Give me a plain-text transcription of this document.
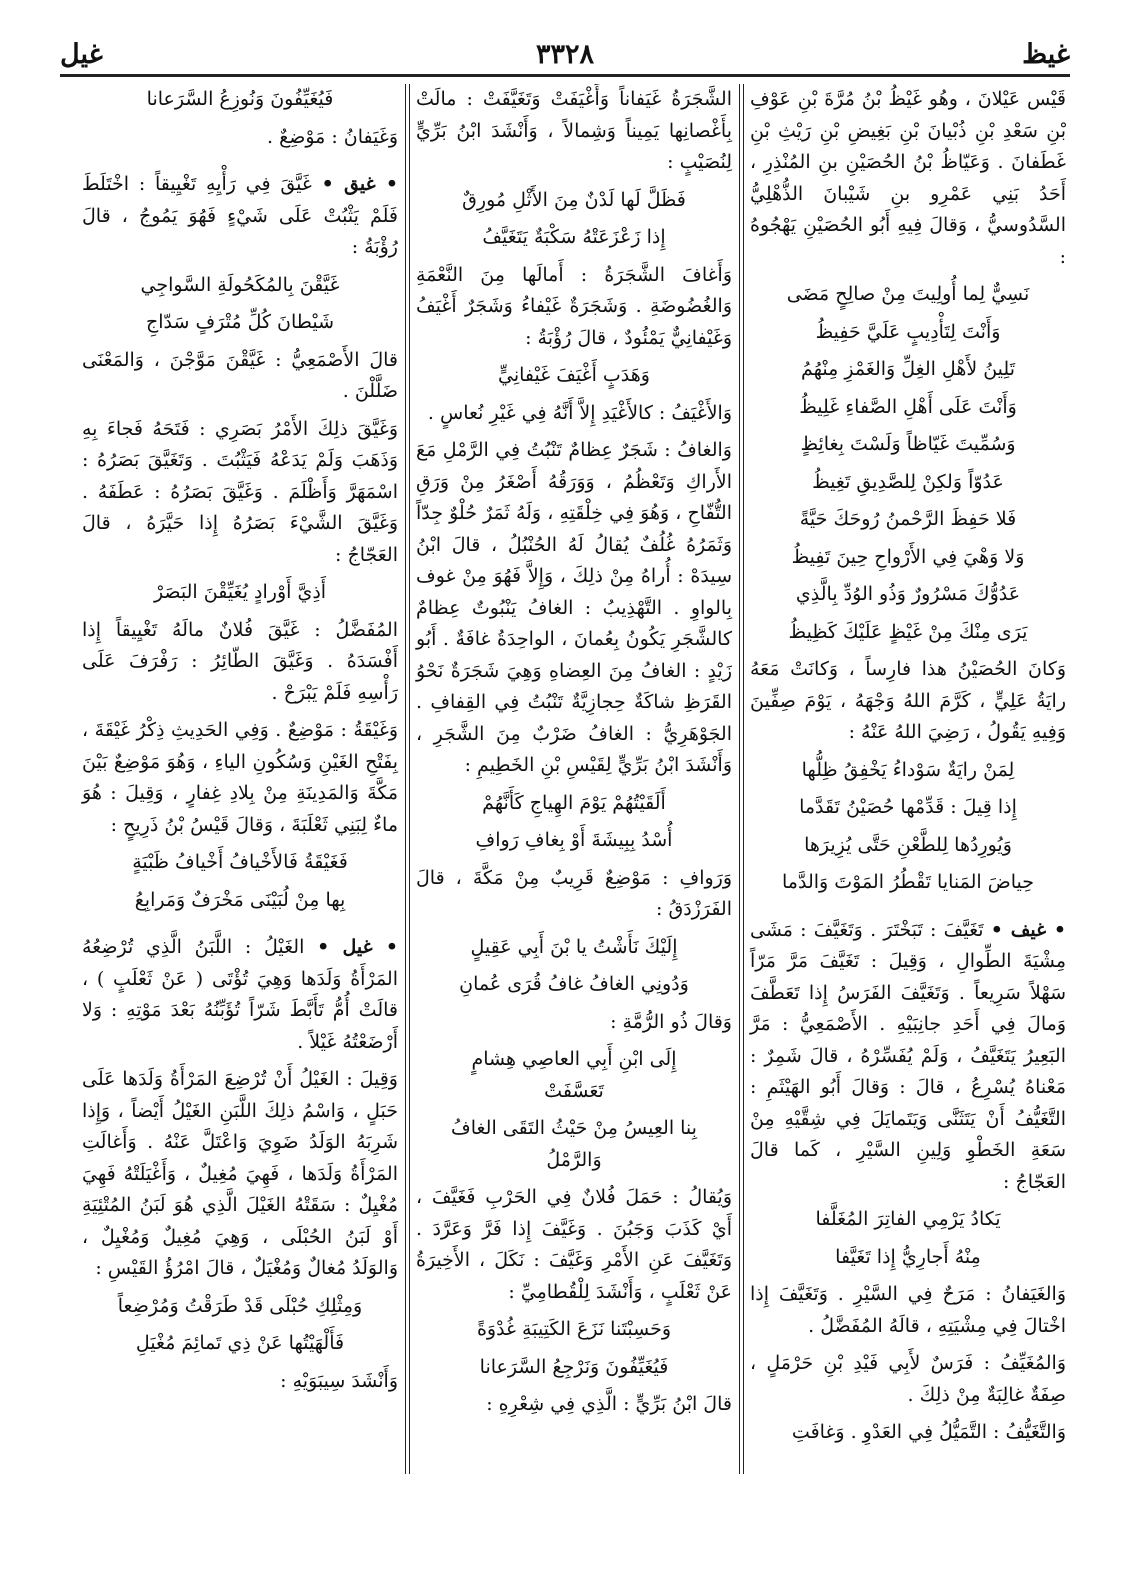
غيظ
٣٣٢٨
غيل
قَيْس عَيْلانَ ، وهُو غَيْظُ بْنُ مُرَّةَ بْنِ عَوْفِ بْنِ سَعْدِ بْنِ ذُبْيانَ بْنِ بَغِيضِ بْنِ رَيْثِ بْنِ غَطَفانَ . وَعَيّاظُ بْنُ الحُصَيْنِ بنِ المُنْذِرِ ، أَحَدُ بَنِي عَمْرِو بنِ شَيْبانَ الذُّهْلِيُّ السَّدُوسيُّ ، وَقالَ فِيهِ أَبُو الحُصَيْنِ يَهْجُوهُ :
نَسِيٌّ لِما أُولِيتَ مِنْ صالِحٍ مَضَى
وَأَنْتَ لِتَأْدِيبٍ عَلَيَّ حَفِيظُ
تَلِينُ لأَهْلِ الغِلِّ وَالغَمْزِ مِنْهُمُ
وَأَنْتَ عَلَى أَهْلِ الصَّفاءِ غَلِيظُ
وَسُمِّيتَ غَيّاظاً وَلَسْتَ بِغائِظٍ
عَدُوّاً وَلكِنْ لِلصَّدِيقِ تَغِيظُ
فَلا حَفِظَ الرَّحْمنُ رُوحَكَ حَيَّةً
وَلا وَهْيَ فِي الأَرْواحِ حِينَ تَفِيظُ
عَدُوُّكَ مَسْرُورٌ وَذُو الوُدِّ بِالَّذِي
يَرَى مِنْكَ مِنْ غَيْظٍ عَلَيْكَ كَظِيظُ
وَكانَ الحُصَيْنُ هذا فارِساً ، وَكانَتْ مَعَهُ رايَةُ عَلِيٍّ ، كَرَّمَ اللهُ وَجْهَهُ ، يَوْمَ صِفِّينَ وَفِيهِ يَقُولُ ، رَضِيَ اللهُ عَنْهُ :
لِمَنْ رايَةٌ سَوْداءُ يَخْفِقُ ظِلُّها
إِذا قِيلَ : قَدِّمْها حُصَيْنُ تَقَدَّما
وَيُورِدُها لِلطَّعْنِ حَتَّى يُزِيرَها
حِياضَ المَنايا تَقْطُرُ المَوْتَ وَالدَّما
• غيف • تَغَيَّفَ : تَبَخْتَرَ . وَتَغَيَّفَ : مَشَى مِشْيَةَ الطِّوالِ ، وَقِيلَ : تَغَيَّفَ مَرَّ مَرّاً سَهْلاً سَرِيعاً . وَتَغَيَّفَ الفَرَسُ إِذا تَعَطَّفَ وَمالَ فِي أَحَدِ جانِبَيْهِ . الأَصْمَعِيُّ : مَرَّ البَعِيرُ يَتَغَيَّفُ ، وَلَمْ يُفَسِّرْهُ ، قالَ شَمِرٌ : مَعْناهُ يُسْرِعُ ، قالَ : وَقالَ أَبُو الهَيْثَمِ : التَّغَيُّفُ أَنْ يَتَثَنَّى وَيَتَمايَلَ فِي شِقَّيْهِ مِنْ سَعَةِ الخَطْوِ وَلِينِ السَّيْرِ ، كَما قالَ العَجّاجُ :
يَكادُ يَرْمِي الفاتِرَ المُغَلَّفا
مِنْهُ أَجارِيُّ إِذا تَغَيَّفا
وَالغَيَفانُ : مَرَحٌ فِي السَّيْرِ . وَتَغَيَّفَ إِذا اخْتالَ فِي مِشْيَتِهِ ، قالَهُ المُفَضَّلُ .
وَالمُغَيِّفُ : فَرَسٌ لأَبِي فَيْدِ بْنِ حَرْمَلٍ ، صِفَةٌ غالِبَةٌ مِنْ ذلِكَ .
وَالتَّغَيُّفُ : التَّمَيُّلُ فِي العَدْوِ . وَغافَتِ
الشَّجَرَةُ غَيَفاناً وَأَغْيَفَتْ وَتَغَيَّفَتْ : مالَتْ بِأَغْصانِها يَمِيناً وَشِمالاً ، وَأَنْشَدَ ابْنُ بَرِّيٍّ لِنُصَيْبٍ :
فَظَلَّ لَها لَدْنٌ مِنَ الأَثْلِ مُورِقٌ
إِذا زَعْزَعَتْهُ سَكْبَةٌ يَتَغَيَّفُ
وَأَغافَ الشَّجَرَةُ : أَمالَها مِنَ النَّعْمَةِ وَالغُضُوضَةِ . وَشَجَرَةٌ غَيْفاءُ وَشَجَرٌ أَغْيَفُ وَغَيْفانِيٌّ يَمْئُودٌ ، قالَ رُؤْبَةُ :
وَهَدَبٍ أَغْيَفَ غَيْفانِيٍّ
وَالأَغْيَفُ : كالأَغْيَدِ إِلاَّ أَنَّهُ فِي غَيْرِ نُعاسٍ .
وَالغافُ : شَجَرٌ عِظامٌ تَنْبُتُ فِي الرَّمْلِ مَعَ الأَراكِ وَتَعْظُمُ ، وَوَرَقُهُ أَصْغَرُ مِنْ وَرَقِ التُّفّاحِ ، وَهُوَ فِي خِلْقَتِهِ ، وَلَهُ ثَمَرٌ حُلْوٌ جِدّاً وَثَمَرُهُ غُلُفٌ يُقالُ لَهُ الحُنْبُلُ ، قالَ ابْنُ سِيدَهْ : أُراهُ مِنْ ذلِكَ ، وَإِلاَّ فَهُوَ مِنْ غوف بِالواوِ . التَّهْذِيبُ : الغافُ يَنْبُوتٌ عِظامٌ كالشَّجَرِ يَكُونُ بِعُمانَ ، الواحِدَةُ غافَةٌ . أَبُو زَيْدٍ : الغافُ مِنَ العِضاهِ وَهِيَ شَجَرَةٌ نَحْوُ القَرَظِ شاكَةٌ حِجازِيَّةٌ تَنْبُتُ فِي القِفافِ . الجَوْهَرِيُّ : الغافُ ضَرْبٌ مِنَ الشَّجَرِ ، وَأَنْشَدَ ابْنُ بَرِّيٍّ لِقَيْسِ بْنِ الخَطِيمِ :
أَلَقَيْتُهُمْ يَوْمَ الهِياجِ كَأَنَّهُمْ
أُسْدُ بِبِيشَةَ أَوْ بِغافِ رَوافِ
وَرَوافِ : مَوْضِعٌ قَرِيبٌ مِنْ مَكَّةَ ، قالَ الفَرَزْدَقُ :
إِلَيْكَ نَأَشْتُ يا بْنَ أَبِي عَقِيلٍ
وَدُونِي الغافُ غافُ قُرَى عُمانِ
وَقالَ ذُو الرُّمَّةِ :
إِلَى ابْنِ أَبِي العاصِي هِشامٍ تَعَسَّفَتْ
بِنا العِيسُ مِنْ حَيْثُ التَقَى الغافُ وَالرَّمْلُ
وَيُقالُ : حَمَلَ فُلانٌ فِي الحَرْبِ فَغَيَّفَ ، أَيْ كَذَبَ وَجَبُنَ . وَغَيَّفَ إِذا فَرَّ وَعَرَّدَ . وَتَغَيَّفَ عَنِ الأَمْرِ وَغَيَّفَ : نَكَلَ ، الأَخِيرَةُ عَنْ ثَعْلَبٍ ، وَأَنْشَدَ لِلْقُطامِيِّ :
وَحَسِبْتَنا نَزَعَ الكَتِيبَةِ غُدْوَةً
فَيُغَيِّفُونَ وَنَرْجِعُ السَّرَعانا
قالَ ابْنُ بَرِّيٍّ : الَّذِي فِي شِعْرِهِ :
فَيُغَيِّفُونَ وَنُوزِعُ السَّرَعانا
وَغَيَفانُ : مَوْضِعٌ .
• غيق • غَيَّقَ فِي رَأْيِهِ تَغْيِيقاً : اخْتَلَطَ فَلَمْ يَثْبُتْ عَلَى شَيْءٍ فَهُوَ يَمُوجُ ، قالَ رُؤْبَةُ :
غَيَّقْنَ بِالمُكَحُولَةِ السَّواجِي
شَيْطانَ كُلِّ مُتْرَفٍ سَدّاجِ
قالَ الأَصْمَعِيُّ : غَيَّقْنَ مَوَّجْنَ ، وَالمَعْنَى ضَلَّلْنَ .
وَغَيَّقَ ذلِكَ الأَمْرُ بَصَرِي : فَتَحَهُ فَجاءَ بِهِ وَذَهَبَ وَلَمْ يَدَعْهُ فَيَثْبُتَ . وَتَغَيَّقَ بَصَرُهُ : اسْمَهَرَّ وَأَظْلَمَ . وَغَيَّقَ بَصَرُهُ : عَطَفَهُ . وَغَيَّقَ الشَّيْءَ بَصَرُهُ إِذا حَيَّرَهُ ، قالَ العَجّاجُ :
أَذِيَّ أَوْرادٍ يُغَيِّقْنَ البَصَرْ
المُفَضَّلُ : غَيَّقَ فُلانٌ مالَهُ تَغْيِيقاً إِذا أَفْسَدَهُ . وَغَيَّقَ الطّائِرُ : رَفْرَفَ عَلَى رَأْسِهِ فَلَمْ يَبْرَحْ .
وَغَيْقَةُ : مَوْضِعٌ . وَفِي الحَدِيثِ ذِكْرُ غَيْقَةَ ، بِفَتْحِ الغَيْنِ وَسُكُونِ الياءِ ، وَهُوَ مَوْضِعٌ بَيْنَ مَكَّةَ وَالمَدِينَةِ مِنْ بِلادِ غِفارٍ ، وَقِيلَ : هُوَ ماءٌ لِبَنِي ثَعْلَبَةَ ، وَقالَ قَيْسُ بْنُ ذَرِيحٍ :
فَغَيْقَةُ فَالأَخْيافُ أَخْيافُ ظَبْيَةٍ
بِها مِنْ لُبَيْنَى مَخْرَفٌ وَمَرابِعُ
• غيل • الغَيْلُ : اللَّبَنُ الَّذِي تُرْضِعُهُ المَرْأَةُ وَلَدَها وَهِيَ تُؤْتَى ( عَنْ ثَعْلَبٍ ) ، قالَتْ أُمُّ تَأَبَّطَ شَرّاً تُؤَبِّنُهُ بَعْدَ مَوْتِهِ : وَلا أَرْضَعْتُهُ غَيْلاً .
وَقِيلَ : الغَيْلُ أَنْ تُرْضِعَ المَرْأَةُ وَلَدَها عَلَى حَبَلٍ ، وَاسْمُ ذلِكَ اللَّبَنِ الغَيْلُ أَيْضاً ، وَإِذا شَرِبَهُ الوَلَدُ ضَوِيَ وَاعْتَلَّ عَنْهُ . وَأَغالَتِ المَرْأَةُ وَلَدَها ، فَهِيَ مُغِيلٌ ، وَأَغْيَلَتْهُ فَهِيَ مُغْيِلٌ : سَقَتْهُ الغَيْلَ الَّذِي هُوَ لَبَنُ المُتْئِيَةِ أَوْ لَبَنُ الحُبْلَى ، وَهِيَ مُغِيلٌ وَمُغْيِلٌ ، وَالوَلَدُ مُغالٌ وَمُغْيَلٌ ، قالَ امْرُؤُ القَيْسِ :
وَمِثْلِكِ حُبْلَى قَدْ طَرَقْتُ وَمُرْضِعاً
فَأَلْهَيْتُها عَنْ ذِي تَمائِمَ مُغْيَلِ
وَأَنْشَدَ سِيبَوَيْهِ :
